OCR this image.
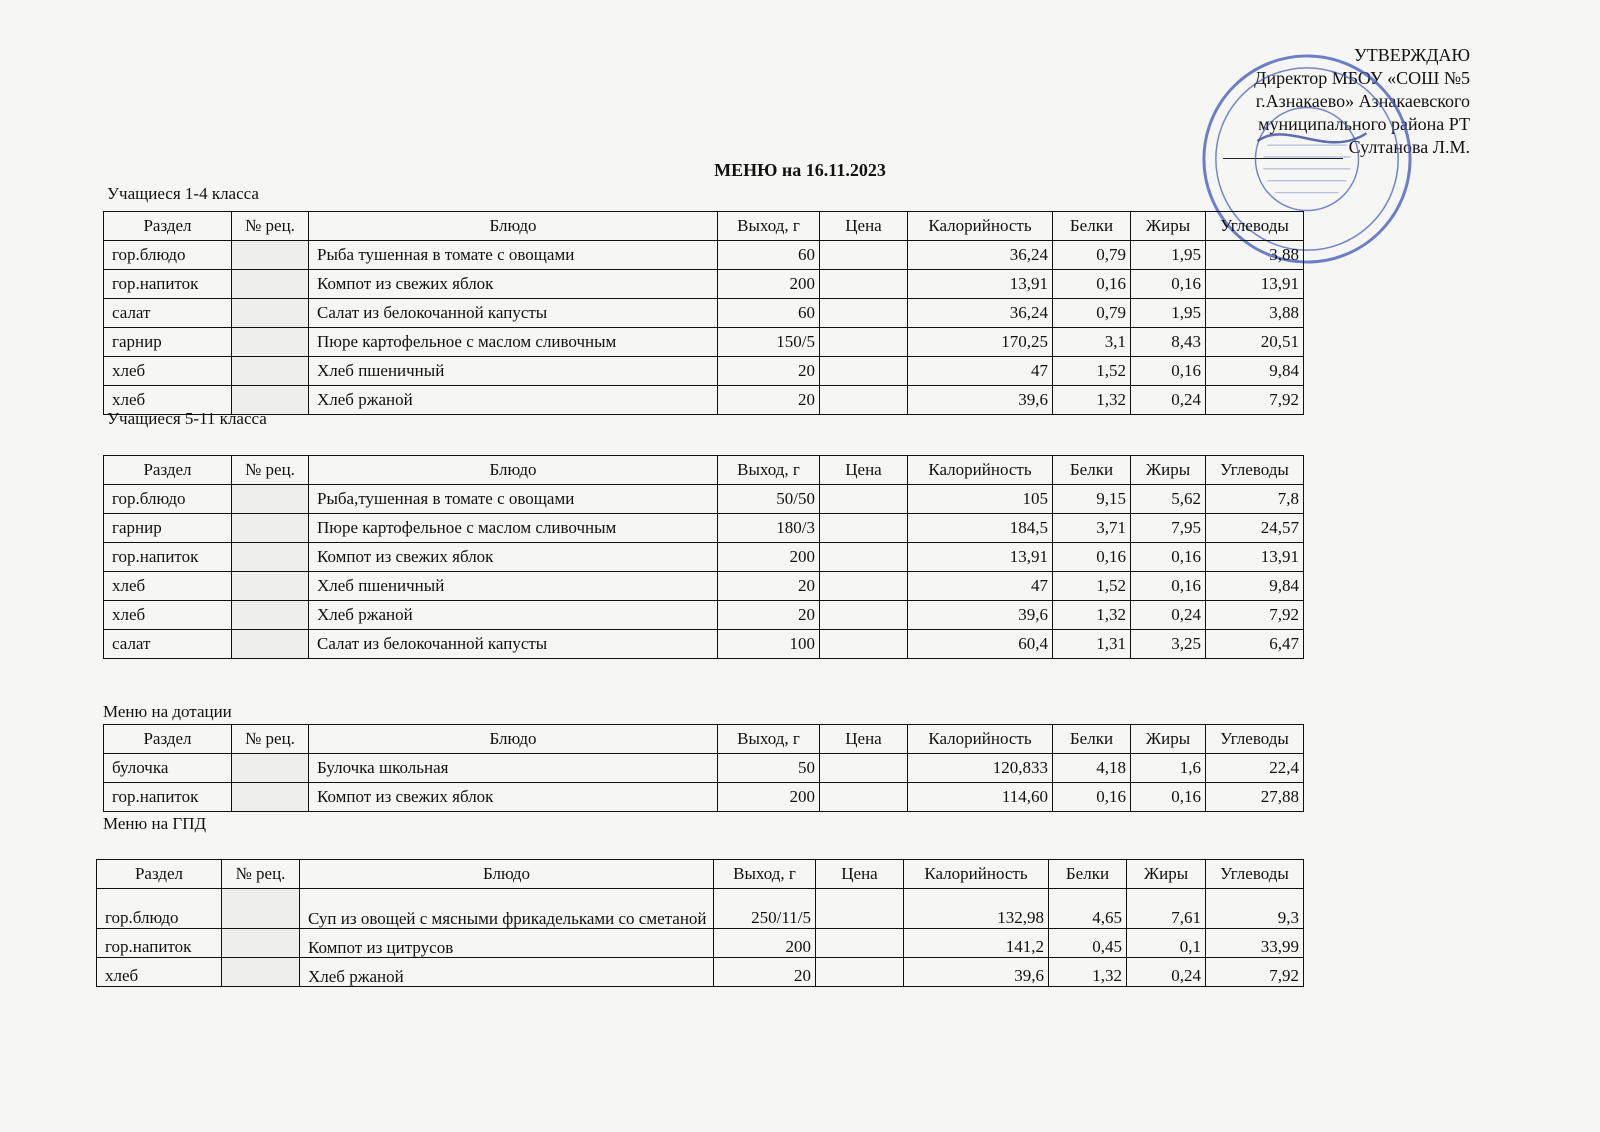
УТВЕРЖДАЮ
Директор МБОУ «СОШ №5
г.Азнакаево» Азнакаевского
муниципального района РТ
Султанова Л.М.
МЕНЮ на 16.11.2023
Учащиеся 1-4 класса
Раздел	№ рец.	Блюдо	Выход, г	Цена	Калорийность	Белки	Жиры	Углеводы
гор.блюдо		Рыба тушенная в томате с овощами	60		36,24	0,79	1,95	3,88
гор.напиток		Компот из свежих яблок	200		13,91	0,16	0,16	13,91
салат		Салат из белокочанной капусты	60		36,24	0,79	1,95	3,88
гарнир		Пюре картофельное с маслом сливочным	150/5		170,25	3,1	8,43	20,51
хлеб		Хлеб пшеничный	20		47	1,52	0,16	9,84
хлеб		Хлеб ржаной	20		39,6	1,32	0,24	7,92
Учащиеся 5-11 класса
Раздел	№ рец.	Блюдо	Выход, г	Цена	Калорийность	Белки	Жиры	Углеводы
гор.блюдо		Рыба,тушенная в томате с овощами	50/50		105	9,15	5,62	7,8
гарнир		Пюре картофельное с маслом сливочным	180/3		184,5	3,71	7,95	24,57
гор.напиток		Компот из свежих яблок	200		13,91	0,16	0,16	13,91
хлеб		Хлеб пшеничный	20		47	1,52	0,16	9,84
хлеб		Хлеб ржаной	20		39,6	1,32	0,24	7,92
салат		Салат из белокочанной капусты	100		60,4	1,31	3,25	6,47
Меню на дотации
Раздел	№ рец.	Блюдо	Выход, г	Цена	Калорийность	Белки	Жиры	Углеводы
булочка		Булочка школьная	50		120,833	4,18	1,6	22,4
гор.напиток		Компот из свежих яблок	200		114,60	0,16	0,16	27,88
Меню на ГПД
Раздел	№ рец.	Блюдо	Выход, г	Цена	Калорийность	Белки	Жиры	Углеводы
гор.блюдо		Суп из овощей с мясными фрикадельками со сметаной	250/11/5		132,98	4,65	7,61	9,3
гор.напиток		Компот из цитрусов	200		141,2	0,45	0,1	33,99
хлеб		Хлеб ржаной	20		39,6	1,32	0,24	7,92
